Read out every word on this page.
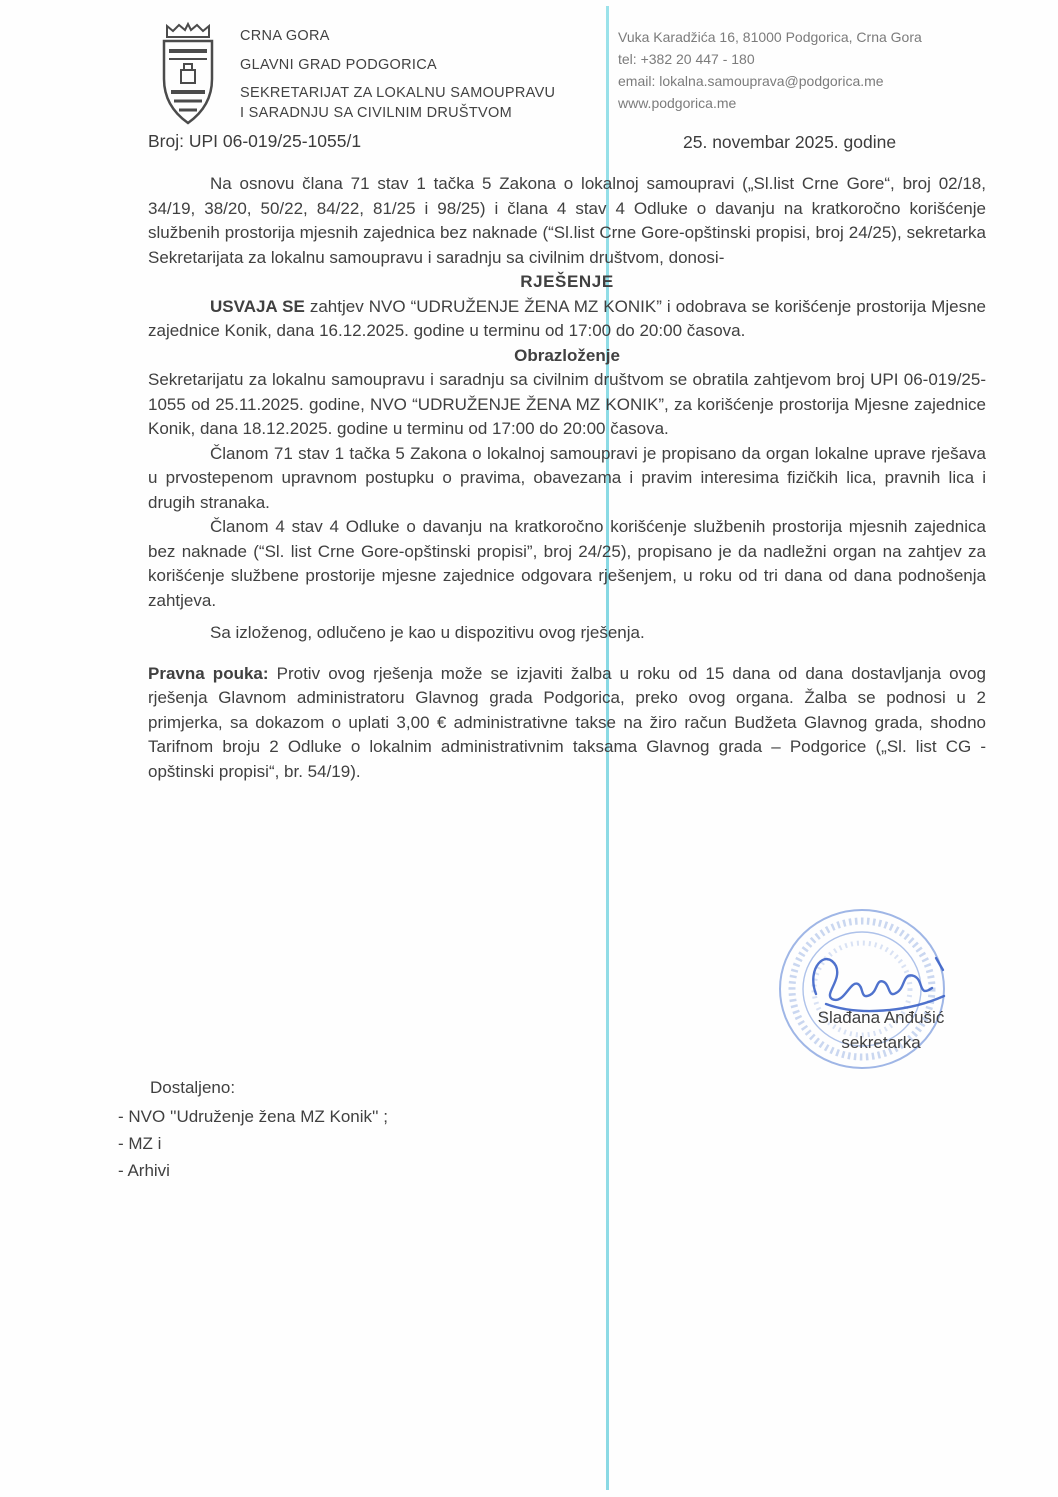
CRNA GORA
GLAVNI GRAD PODGORICA
SEKRETARIJAT ZA LOKALNU SAMOUPRAVU
I SARADNJU SA CIVILNIM DRUŠTVOM
Vuka Karadžića 16, 81000 Podgorica, Crna Gora
tel: +382 20 447 - 180
email: lokalna.samouprava@podgorica.me
www.podgorica.me
Broj: UPI 06-019/25-1055/1	25. novembar 2025. godine

Na osnovu člana 71 stav 1 tačka 5 Zakona o lokalnoj samoupravi („Sl.list Crne Gore“, broj 02/18, 34/19, 38/20, 50/22, 84/22, 81/25 i 98/25) i člana 4 stav 4 Odluke o davanju na kratkoročno korišćenje službenih prostorija mjesnih zajednica bez naknade (“Sl.list Crne Gore-opštinski propisi, broj 24/25), sekretarka Sekretarijata za lokalnu samoupravu i saradnju sa civilnim društvom, donosi-

RJEŠENJE

USVAJA SE zahtjev NVO “UDRUŽENJE ŽENA MZ KONIK” i odobrava se korišćenje prostorija Mjesne zajednice Konik, dana 16.12.2025. godine u terminu od 17:00 do 20:00 časova.

Obrazloženje

Sekretarijatu za lokalnu samoupravu i saradnju sa civilnim društvom se obratila zahtjevom broj UPI 06-019/25-1055 od 25.11.2025. godine, NVO “UDRUŽENJE ŽENA MZ KONIK”, za korišćenje prostorija Mjesne zajednice Konik, dana 18.12.2025. godine u terminu od 17:00 do 20:00 časova.

Članom 71 stav 1 tačka 5 Zakona o lokalnoj samoupravi je propisano da organ lokalne uprave rješava u prvostepenom upravnom postupku o pravima, obavezama i pravim interesima fizičkih lica, pravnih lica i drugih stranaka.

Članom 4 stav 4 Odluke o davanju na kratkoročno korišćenje službenih prostorija mjesnih zajednica bez naknade (“Sl. list Crne Gore-opštinski propisi”, broj 24/25), propisano je da nadležni organ na zahtjev za korišćenje službene prostorije mjesne zajednice odgovara rješenjem, u roku od tri dana od dana podnošenja zahtjeva.

Sa izloženog, odlučeno je kao u dispozitivu ovog rješenja.

Pravna pouka: Protiv ovog rješenja može se izjaviti žalba u roku od 15 dana od dana dostavljanja ovog rješenja Glavnom administratoru Glavnog grada Podgorica, preko ovog organa. Žalba se podnosi u 2 primjerka, sa dokazom o uplati 3,00 € administrativne takse na žiro račun Budžeta Glavnog grada, shodno Tarifnom broju 2 Odluke o lokalnim administrativnim taksama Glavnog grada – Podgorice („Sl. list CG - opštinski propisi“, br. 54/19).

Slađana Anđušić
sekretarka
Dostaljeno:
- NVO ''Udruženje žena MZ Konik'' ;
- MZ i
- Arhivi
